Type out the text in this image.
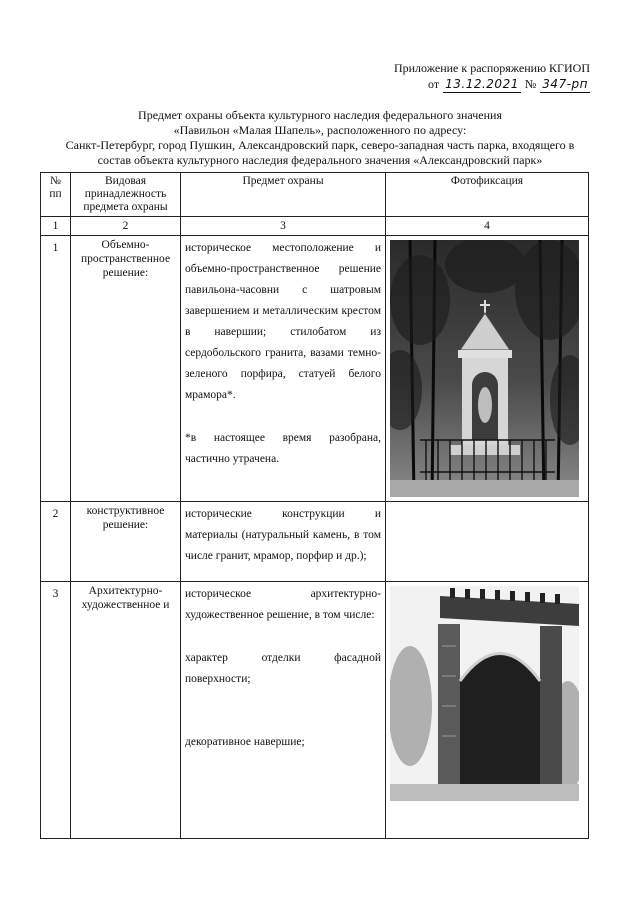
Приложение к распоряжению КГИОП
от 13.12.2021 № 347-рп
Предмет охраны объекта культурного наследия федерального значения
«Павильон «Малая Шапель», расположенного по адресу:
Санкт-Петербург, город Пушкин, Александровский парк, северо-западная часть парка, входящего в
состав объекта культурного наследия федерального значения «Александровский парк»
№ пп	Видовая принадлежность предмета охраны	Предмет охраны	Фотофиксация
1	2	3	4
1	Объемно-пространственное решение:	историческое местоположение и объемно-пространственное решение павильона-часовни с шатровым завершением и металлическим крестом в навершии; стилобатом из сердобольского гранита, вазами темно-зеленого порфира, статуей белого мрамора*.
*в настоящее время разобрана, частично утрачена.

2	конструктивное решение:	исторические конструкции и материалы (натуральный камень, в том числе гранит, мрамор, порфир и др.);	

3	Архитектурно-художественное и	историческое архитектурно-художественное решение, в том числе:
характер отделки фасадной поверхности;
декоративное навершие;
